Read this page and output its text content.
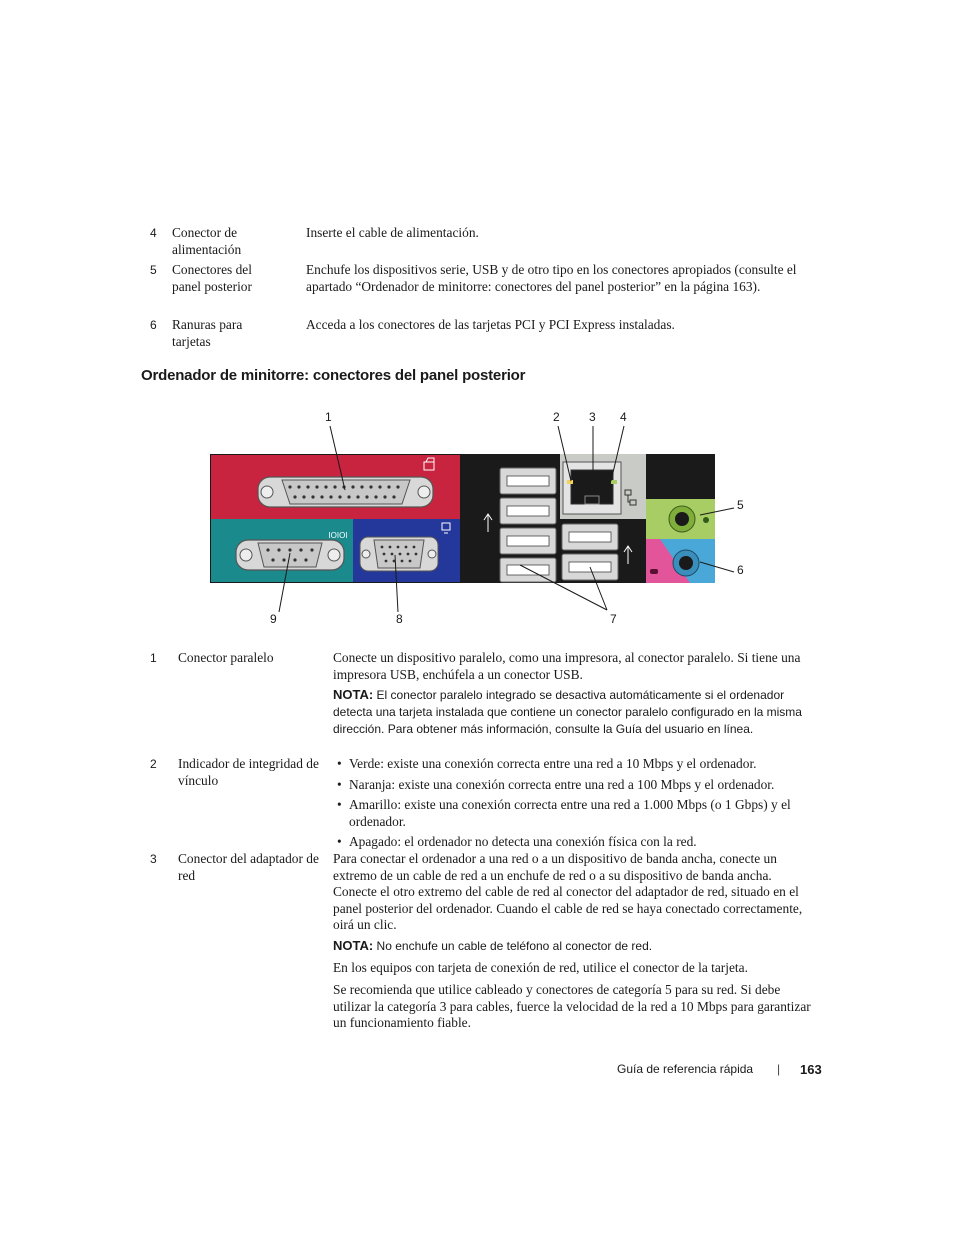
4 Conector de alimentación
Inserte el cable de alimentación.
5 Conectores del panel posterior
Enchufe los dispositivos serie, USB y de otro tipo en los conectores apropiados (consulte el apartado “Ordenador de minitorre: conectores del panel posterior” en la página 163).
6 Ranuras para tarjetas
Acceda a los conectores de las tarjetas PCI y PCI Express instaladas.
Ordenador de minitorre: conectores del panel posterior
IOIOI
1	2 3 4
5
6
7
8
9
1 Conector paralelo	Conecte un dispositivo paralelo, como una impresora, al conector paralelo. Si tiene una impresora USB, enchúfela a un conector USB.

NOTA: El conector paralelo integrado se desactiva automáticamente si el ordenador detecta una tarjeta instalada que contiene un conector paralelo configurado en la misma dirección. Para obtener más información, consulte la Guía del usuario en línea.
2 Indicador de integridad de vínculo
• Verde: existe una conexión correcta entre una red a 10 Mbps y el ordenador.
• Naranja: existe una conexión correcta entre una red a 100 Mbps y el ordenador.
• Amarillo: existe una conexión correcta entre una red a 1.000 Mbps (o 1 Gbps) y el ordenador.
• Apagado: el ordenador no detecta una conexión física con la red.
3 Conector del adaptador de red

Para conectar el ordenador a una red o a un dispositivo de banda ancha, conecte un extremo de un cable de red a un enchufe de red o a su dispositivo de banda ancha. Conecte el otro extremo del cable de red al conector del adaptador de red, situado en el panel posterior del ordenador. Cuando el cable de red se haya conectado correctamente, oirá un clic.

NOTA: No enchufe un cable de teléfono al conector de red.

En los equipos con tarjeta de conexión de red, utilice el conector de la tarjeta.

Se recomienda que utilice cableado y conectores de categoría 5 para su red. Si debe utilizar la categoría 3 para cables, fuerce la velocidad de la red a 10 Mbps para garantizar un funcionamiento fiable.

Guía de referencia rápida | 163
